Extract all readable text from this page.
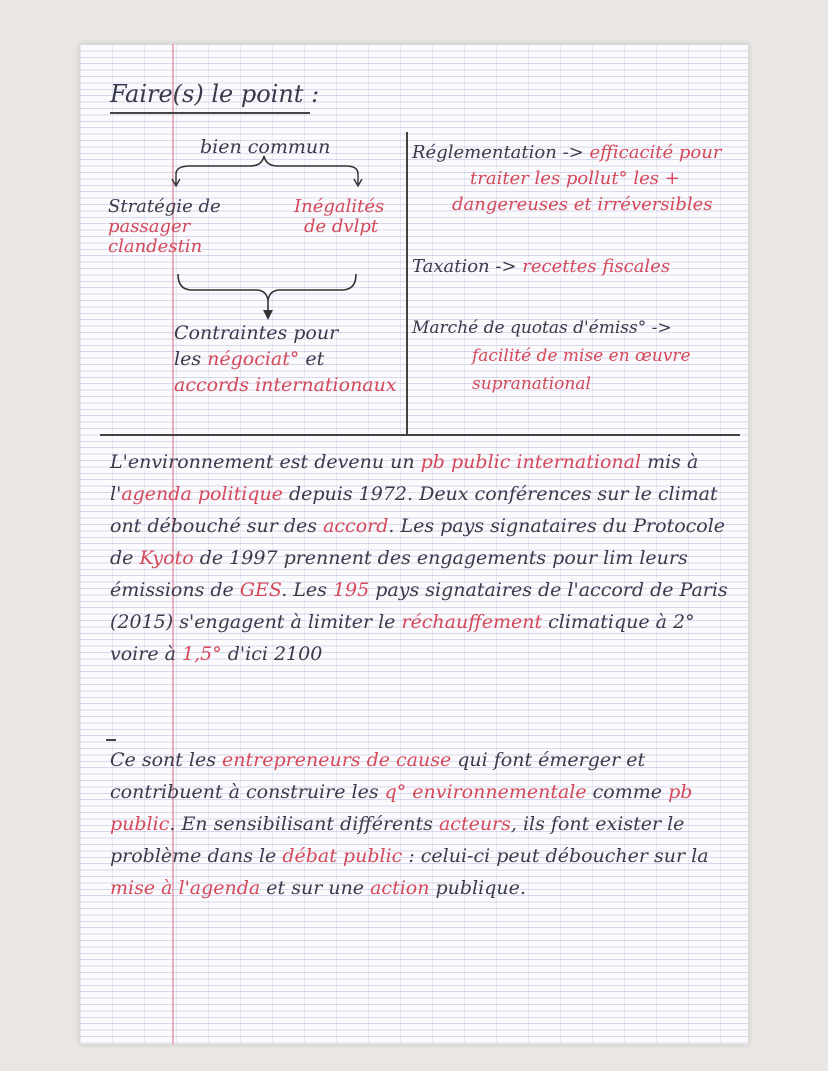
Faire(s) le point :
bien commun
Stratégie de
passager
clandestin
Inégalités
de dvlpt
Contraintes pour
les négociat° et
accords internationaux
Réglementation -> efficacité pour
traiter les pollut° les +
dangereuses et irréversibles
Taxation -> recettes fiscales
Marché de quotas d'émiss° ->
facilité de mise en œuvre
supranational
L'environnement est devenu un pb public international mis à l'agenda politique depuis 1972. Deux conférences sur le climat ont débouché sur des accord. Les pays signataires du Protocole de Kyoto de 1997 prennent des engagements pour lim leurs émissions de GES. Les 195 pays signataires de l'accord de Paris (2015) s'engagent à limiter le réchauffement climatique à 2° voire à 1,5° d'ici 2100
Ce sont les entrepreneurs de cause qui font émerger et contribuent à construire les q° environnementale comme pb public. En sensibilisant différents acteurs, ils font exister le problème dans le débat public : celui-ci peut déboucher sur la mise à l'agenda et sur une action publique.
